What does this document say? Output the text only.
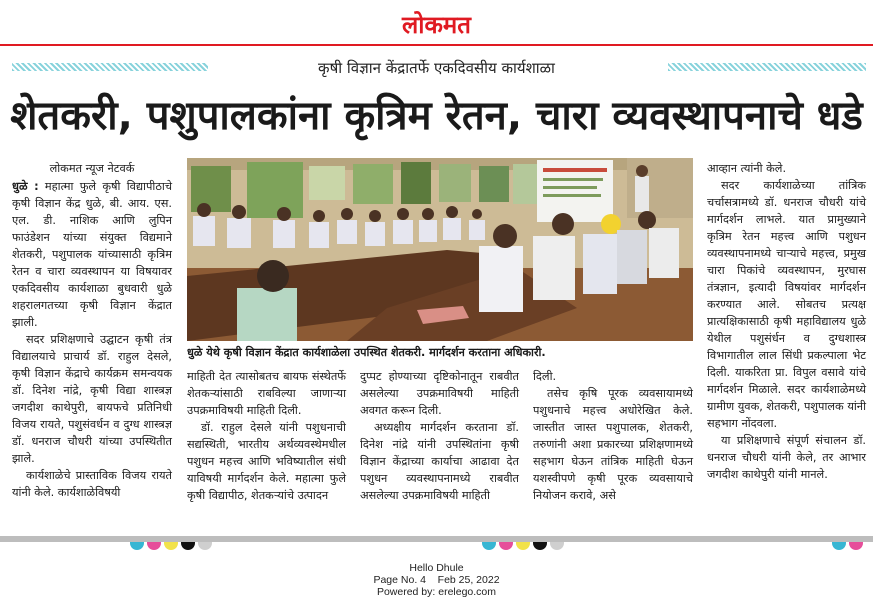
लोकमत
कृषी विज्ञान केंद्रातर्फे एकदिवसीय कार्यशाळा
शेतकरी, पशुपालकांना कृत्रिम रेतन, चारा व्यवस्थापनाचे धडे
लोकमत न्यूज नेटवर्क

धुळे : महात्मा फुले कृषी विद्यापीठाचे कृषी विज्ञान केंद्र धुळे, बी. आय. एस. एल. डी. नाशिक आणि लुपिन फाउंडेशन यांच्या संयुक्त विद्यमाने शेतकरी, पशुपालक यांच्यासाठी कृत्रिम रेतन व चारा व्यवस्थापन या विषयावर एकदिवसीय कार्यशाळा बुधवारी धुळे शहरालगतच्या कृषी विज्ञान केंद्रात झाली.

सदर प्रशिक्षणाचे उद्घाटन कृषी तंत्र विद्यालयाचे प्राचार्य डॉ. राहुल देसले, कृषी विज्ञान केंद्राचे कार्यक्रम समन्वयक डॉ. दिनेश नांद्रे, कृषी विद्या शास्त्रज्ञ जगदीश काथेपुरी, बायफचे प्रतिनिधी विजय रायते, पशुसंवर्धन व दुग्ध शास्त्रज्ञ डॉ. धनराज चौधरी यांच्या उपस्थितीत झाले.

कार्यशाळेचे प्रास्ताविक विजय रायते यांनी केले. कार्यशाळेविषयी

धुळे येथे कृषी विज्ञान केंद्रात कार्यशाळेला उपस्थित शेतकरी. मार्गदर्शन करताना अधिकारी.

माहिती देत त्यासोबतच बायफ संस्थेतर्फे शेतकऱ्यांसाठी राबविल्या जाणाऱ्या उपक्रमाविषयी माहिती दिली.

डॉ. राहुल देसले यांनी पशुधनाची सद्यस्थिती, भारतीय अर्थव्यवस्थेमधील पशुधन महत्त्व आणि भविष्यातील संधी याविषयी मार्गदर्शन केले. महात्मा फुले कृषी विद्यापीठ, शेतकऱ्यांचे उत्पादन

दुप्पट होण्याच्या दृष्टिकोनातून राबवीत असलेल्या उपक्रमाविषयी माहिती अवगत करून दिली.

अध्यक्षीय मार्गदर्शन करताना डॉ. दिनेश नांद्रे यांनी उपस्थितांना कृषी विज्ञान केंद्राच्या कार्याचा आढावा देत पशुधन व्यवस्थापनामध्ये राबवीत असलेल्या उपक्रमाविषयी माहिती

दिली.

तसेच कृषि पूरक व्यवसायामध्ये पशुधनाचे महत्त्व अधोरेखित केले. जास्तीत जास्त पशुपालक, शेतकरी, तरुणांनी अशा प्रकारच्या प्रशिक्षणामध्ये सहभाग घेऊन तांत्रिक माहिती घेऊन यशस्वीपणे कृषी पूरक व्यवसायाचे नियोजन करावे, असे

आव्हान त्यांनी केले.

सदर कार्यशाळेच्या तांत्रिक चर्चासत्रामध्ये डॉ. धनराज चौधरी यांचे मार्गदर्शन लाभले. यात प्रामुख्याने कृत्रिम रेतन महत्त्व आणि पशुधन व्यवस्थापनामध्ये चाऱ्याचे महत्त्व, प्रमुख चारा पिकांचे व्यवस्थापन, मुरघास तंत्रज्ञान, इत्यादी विषयांवर मार्गदर्शन करण्यात आले. सोबतच प्रत्यक्ष प्रात्यक्षिकासाठी कृषी महाविद्यालय धुळे येथील पशुसंर्धन व दुग्धशास्त्र विभागातील लाल सिंधी प्रकल्पाला भेट दिली. याकरिता प्रा. विपुल वसावे यांचे मार्गदर्शन मिळाले. सदर कार्यशाळेमध्ये ग्रामीण युवक, शेतकरी, पशुपालक यांनी सहभाग नोंदवला.

या प्रशिक्षणाचे संपूर्ण संचालन डॉ. धनराज चौधरी यांनी केले, तर आभार जगदीश काथेपुरी यांनी मानले.

Hello Dhule
Page No. 4    Feb 25, 2022
Powered by: erelego.com
